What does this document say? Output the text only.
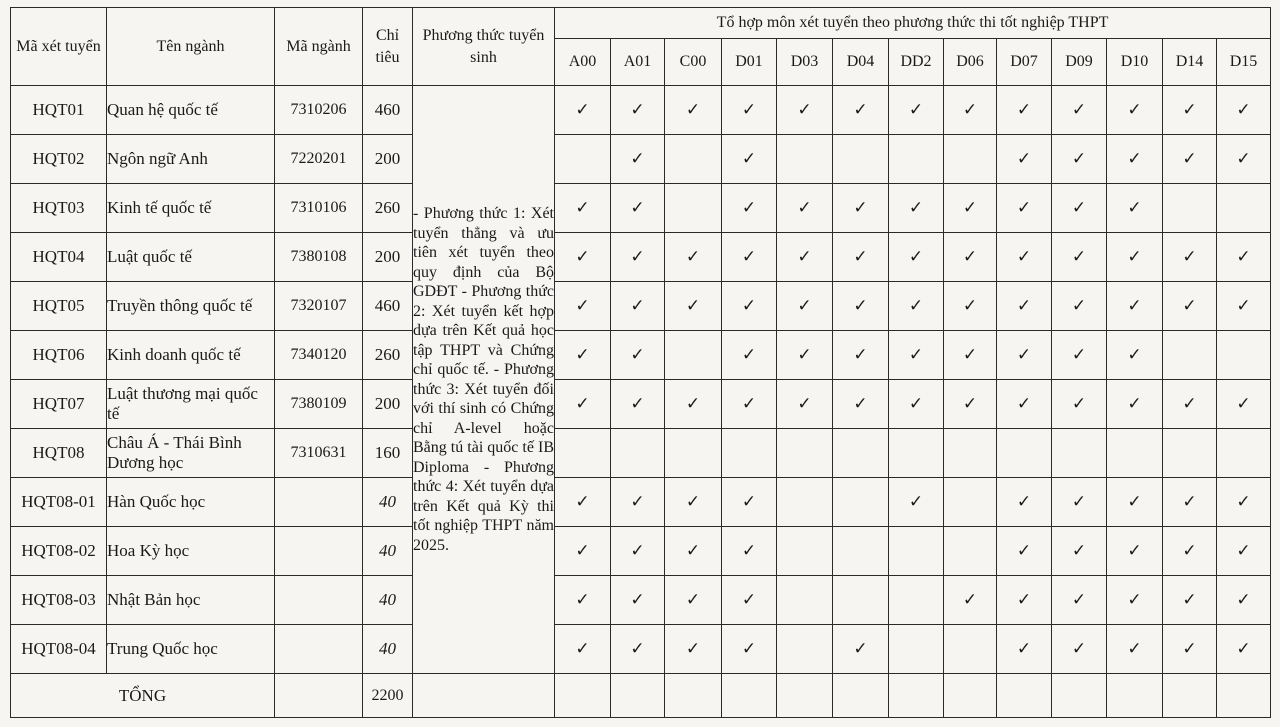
Mã xét tuyển	Tên ngành	Mã ngành	Chỉ tiêu	Phương thức tuyển sinh	Tổ hợp môn xét tuyển theo phương thức thi tốt nghiệp THPT												
					A00	A01	C00	D01	D03	D04	DD2	D06	D07	D09	D10	D14	D15
HQT01	Quan hệ quốc tế	7310206	460	- Phương thức 1: Xét tuyển thẳng và ưu tiên xét tuyển theo quy định của Bộ GDĐT - Phương thức 2: Xét tuyển kết hợp dựa trên Kết quả học tập THPT và Chứng chỉ quốc tế. - Phương thức 3: Xét tuyển đối với thí sinh có Chứng chỉ A-level hoặc Bằng tú tài quốc tế IB Diploma - Phương thức 4: Xét tuyển dựa trên Kết quả Kỳ thi tốt nghiệp THPT năm 2025.	✓	✓	✓	✓	✓	✓	✓	✓	✓	✓	✓	✓	✓
HQT02	Ngôn ngữ Anh	7220201	200			✓		✓					✓	✓	✓	✓	✓
HQT03	Kinh tế quốc tế	7310106	260		✓	✓		✓	✓	✓	✓	✓	✓	✓	✓		
HQT04	Luật quốc tế	7380108	200		✓	✓	✓	✓	✓	✓	✓	✓	✓	✓	✓	✓	✓
HQT05	Truyền thông quốc tế	7320107	460		✓	✓	✓	✓	✓	✓	✓	✓	✓	✓	✓	✓	✓
HQT06	Kinh doanh quốc tế	7340120	260		✓	✓		✓	✓	✓	✓	✓	✓	✓	✓		
HQT07	Luật thương mại quốc tế	7380109	200		✓	✓	✓	✓	✓	✓	✓	✓	✓	✓	✓	✓	✓
HQT08	Châu Á - Thái Bình Dương học	7310631	160														
HQT08-01	Hàn Quốc học		40		✓	✓	✓	✓			✓		✓	✓	✓	✓	✓
HQT08-02	Hoa Kỳ học		40		✓	✓	✓	✓					✓	✓	✓	✓	✓
HQT08-03	Nhật Bản học		40		✓	✓	✓	✓				✓	✓	✓	✓	✓	✓
HQT08-04	Trung Quốc học		40		✓	✓	✓	✓		✓			✓	✓	✓	✓	✓
TỔNG			2200														
